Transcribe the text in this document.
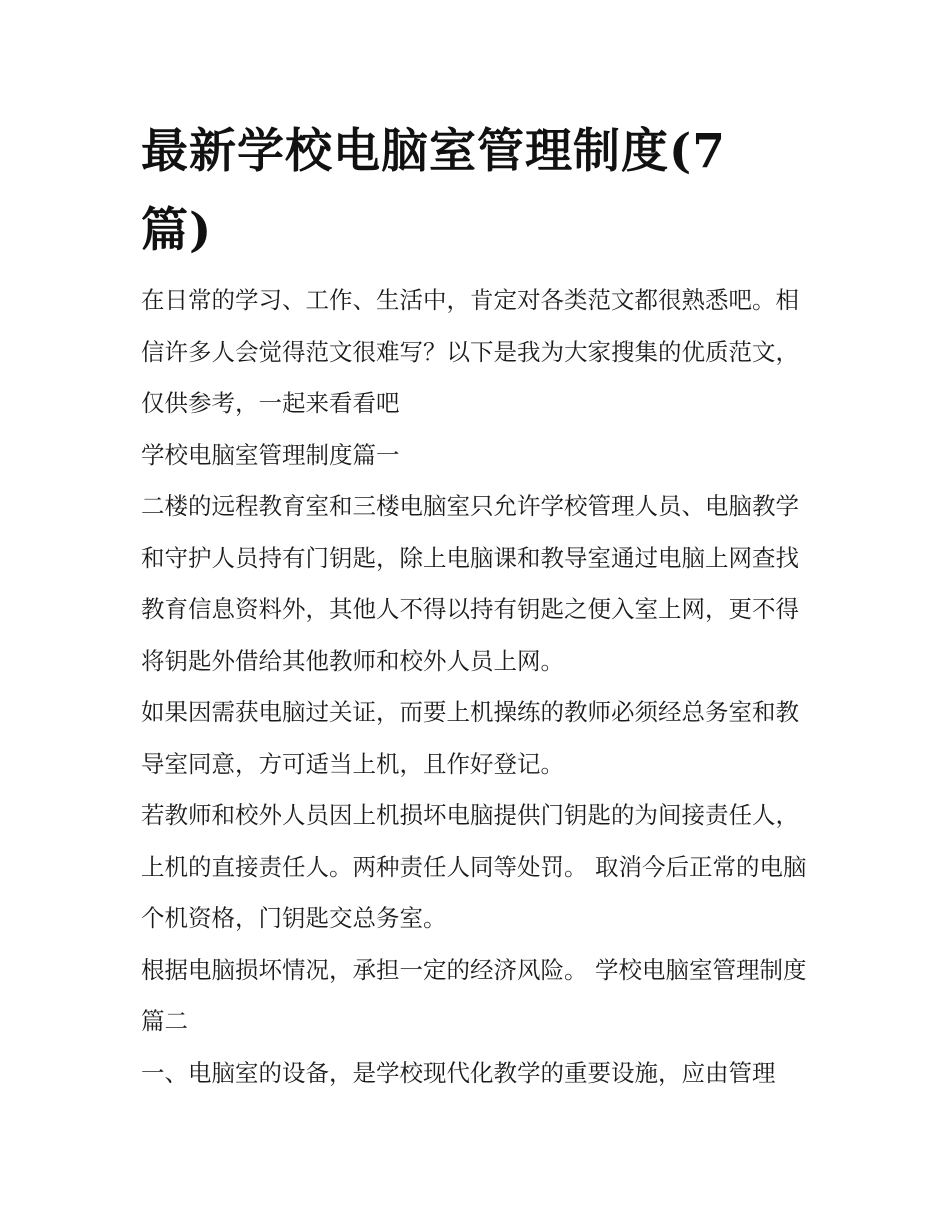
最新学校电脑室管理制度(7篇)

在日常的学习、工作、生活中，肯定对各类范文都很熟悉吧。相信许多人会觉得范文很难写？以下是我为大家搜集的优质范文，仅供参考，一起来看看吧

学校电脑室管理制度篇一

二楼的远程教育室和三楼电脑室只允许学校管理人员、电脑教学和守护人员持有门钥匙，除上电脑课和教导室通过电脑上网查找教育信息资料外，其他人不得以持有钥匙之便入室上网，更不得将钥匙外借给其他教师和校外人员上网。

如果因需获电脑过关证，而要上机操练的教师必须经总务室和教导室同意，方可适当上机，且作好登记。

若教师和校外人员因上机损坏电脑提供门钥匙的为间接责任人，上机的直接责任人。两种责任人同等处罚。 取消今后正常的电脑个机资格，门钥匙交总务室。

根据电脑损坏情况，承担一定的经济风险。 学校电脑室管理制度篇二

一、电脑室的设备，是学校现代化教学的重要设施，应由管理
